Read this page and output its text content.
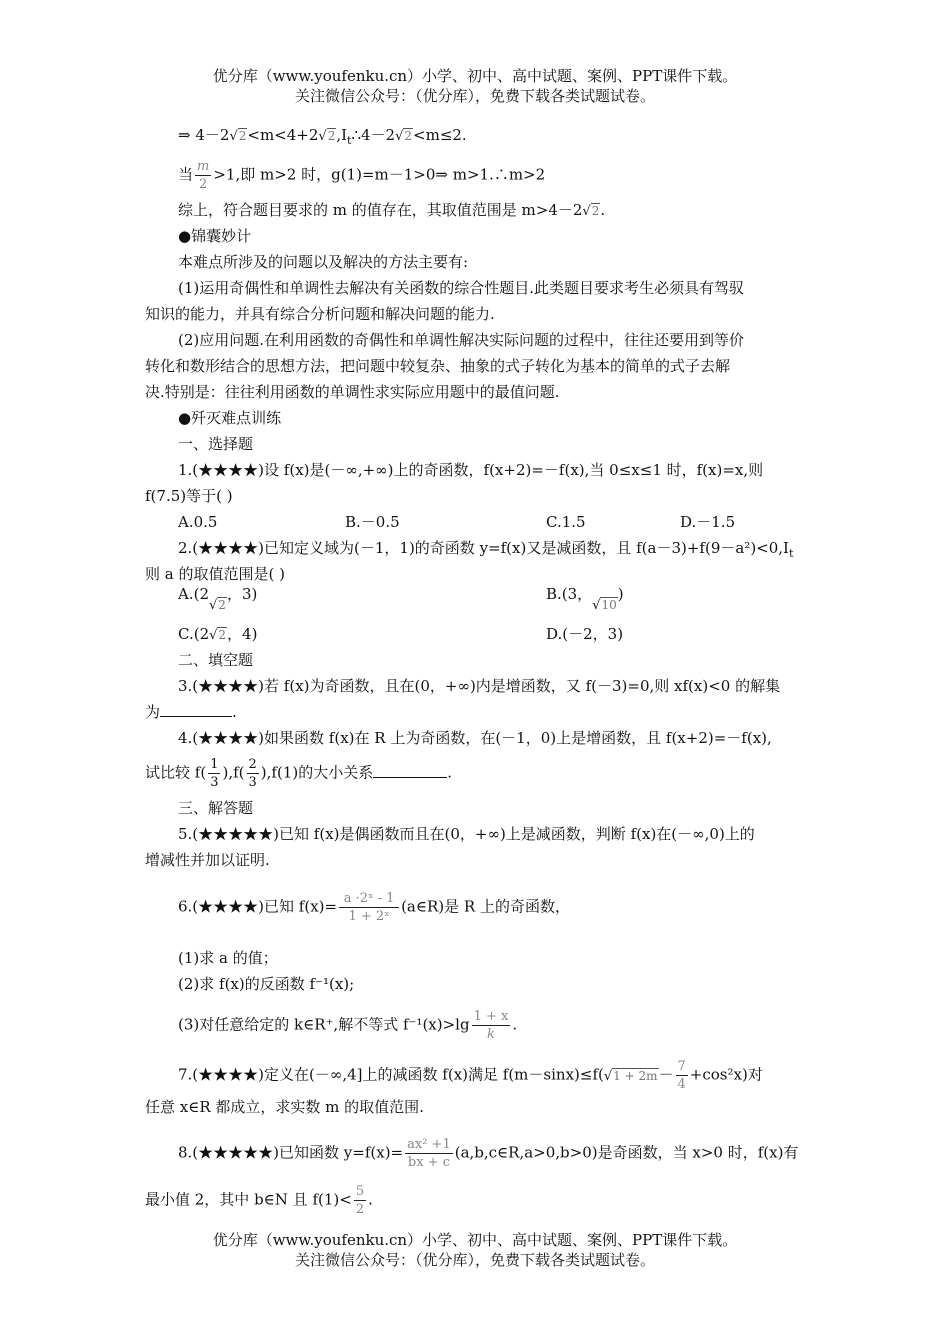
优分库（www.youfenku.cn）小学、初中、高中试题、案例、PPT课件下载。
关注微信公众号：（优分库），免费下载各类试题试卷。
⇒ $4-2√2<m<4+2√2,I_t\therefore 4-2√2<m\le 2$.
当 $\frac{m}{2} >1$,即 m>2 时，g(1)=m－1>0⇒ m>1.∴m>2
综上，符合题目要求的 m 的值存在，其取值范围是 m>4－2√2.
●锦囊妙计
本难点所涉及的问题以及解决的方法主要有:
(1)运用奇偶性和单调性去解决有关函数的综合性题目.此类题目要求考生必须具有驾驭
知识的能力，并具有综合分析问题和解决问题的能力.
(2)应用问题.在利用函数的奇偶性和单调性解决实际问题的过程中，往往还要用到等价
转化和数形结合的思想方法，把问题中较复杂、抽象的式子转化为基本的简单的式子去解
决.特别是：往往利用函数的单调性求实际应用题中的最值问题.
●歼灭难点训练
一、选择题
1.(★★★★)设 f(x)是(－∞,+∞)上的奇函数，f(x+2)=－f(x),当 0≤x≤1 时，f(x)=x,则
f(7.5)等于( )
A.0.5	B.－0.5	C.1.5	D.－1.5
2.(★★★★)已知定义域为(－1，1)的奇函数 y=f(x)又是减函数，且 $f(a-3)+f(9-a^2)<0,I_t$
则 a 的取值范围是( )
A.(2√2，3)	B.(3，√10)
C.(2√2，4)	D.(－2，3)
二、填空题
3.(★★★★)若 f(x)为奇函数，且在(0，+∞)内是增函数，又 f(－3)=0,则 xf(x)<0 的解集
为	.
4.(★★★★)如果函数 f(x)在 R 上为奇函数，在(－1，0)上是增函数，且 f(x+2)=－f(x),
试比较 $f( \frac{1}{3} ),f( \frac{2}{3} ),f(1)$的大小关系	.
三、解答题
5.(★★★★★)已知 f(x)是偶函数而且在(0，+∞)上是减函数，判断 f(x)在(－∞,0)上的
增减性并加以证明.
6.(★★★★)已知 $f(x)= \frac{\text{a ·2ˣ - 1}}{\text{1 + 2ˣ}}$ (a∈R)是 R 上的奇函数，
(1)求 a 的值；
(2)求 f(x)的反函数 f⁻¹(x);
(3)对任意给定的 k∈R⁺,解不等式 $f^{-1}(x)>\lg \frac{1 + x}{k}$ .
7.(★★★★)定义在(－∞,4]上的减函数 f(x)满足 $f(m-\sin x)\le f(√1 + 2m- \frac{7}{4} +\cos^2x)$对
任意 x∈R 都成立，求实数 m 的取值范围.
8.(★★★★★)已知函数 $y=f(x)= \frac{\text{ax² +1}}{bx + c}$ (a,b,c∈R,a>0,b>0)是奇函数，当 x>0 时，f(x)有
最小值 2，其中 b∈N 且 $f(1)< \frac{5}{2}$ .
优分库（www.youfenku.cn）小学、初中、高中试题、案例、PPT课件下载。
关注微信公众号：（优分库），免费下载各类试题试卷。
